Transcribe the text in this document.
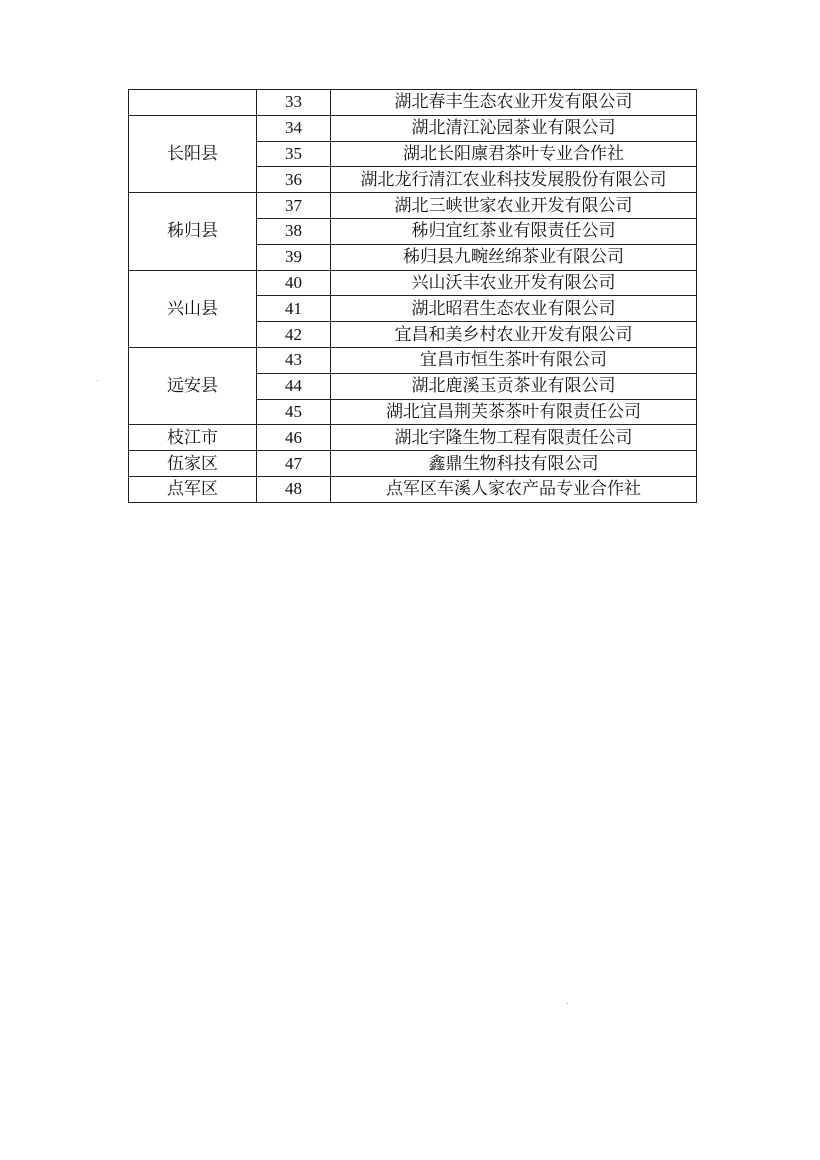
	33	湖北春丰生态农业开发有限公司
长阳县	34	湖北清江沁园茶业有限公司
	35	湖北长阳廪君茶叶专业合作社
	36	湖北龙行清江农业科技发展股份有限公司
秭归县	37	湖北三峡世家农业开发有限公司
	38	秭归宜红茶业有限责任公司
	39	秭归县九畹丝绵茶业有限公司
兴山县	40	兴山沃丰农业开发有限公司
	41	湖北昭君生态农业有限公司
	42	宜昌和美乡村农业开发有限公司
远安县	43	宜昌市恒生茶叶有限公司
	44	湖北鹿溪玉贡茶业有限公司
	45	湖北宜昌荆芙茶茶叶有限责任公司
枝江市	46	湖北宇隆生物工程有限责任公司
伍家区	47	鑫鼎生物科技有限公司
点军区	48	点军区车溪人家农产品专业合作社
